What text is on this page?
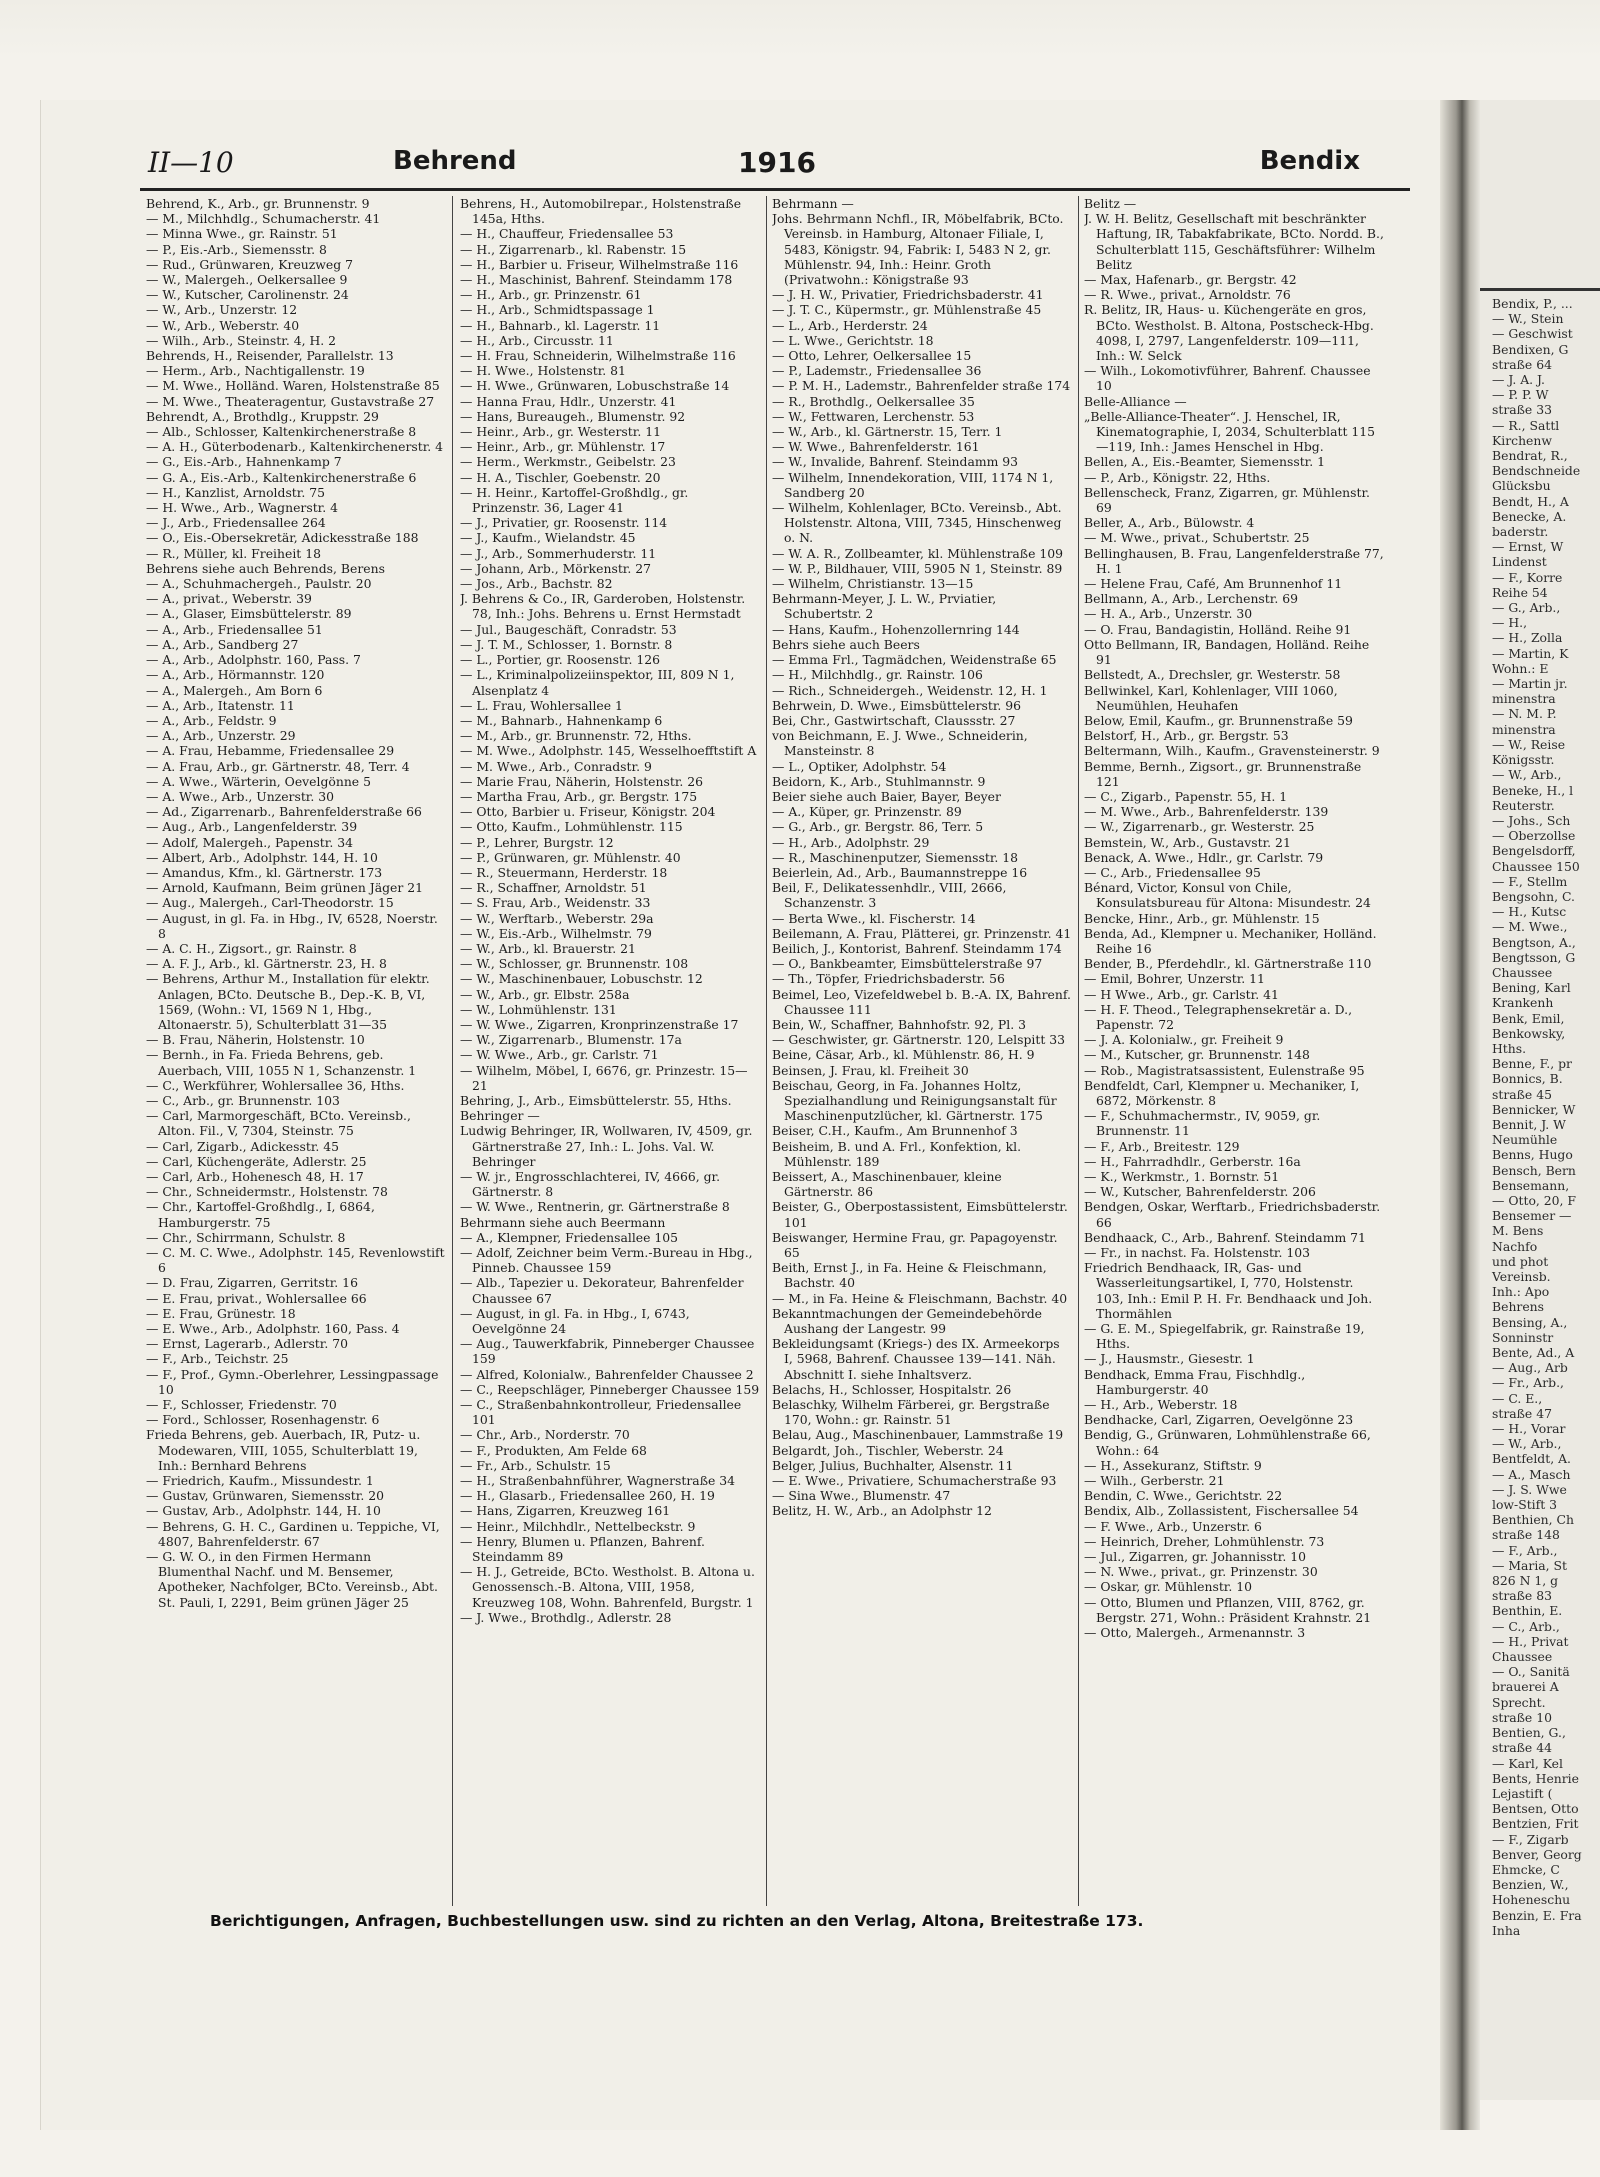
II—10	Behrend	1916	Bendix

Behrend, K., Arb., gr. Brunnenstr. 9

— M., Milchhdlg., Schumacherstr. 41

— Minna Wwe., gr. Rainstr. 51

— P., Eis.-Arb., Siemensstr. 8

— Rud., Grünwaren, Kreuzweg 7

— W., Malergeh., Oelkersallee 9

— W., Kutscher, Carolinenstr. 24

— W., Arb., Unzerstr. 12

— W., Arb., Weberstr. 40

— Wilh., Arb., Steinstr. 4, H. 2

Behrends, H., Reisender, Parallelstr. 13

— Herm., Arb., Nachtigallenstr. 19

— M. Wwe., Holländ. Waren, Holstenstraße 85

— M. Wwe., Theateragentur, Gustavstraße 27

Behrendt, A., Brothdlg., Kruppstr. 29

— Alb., Schlosser, Kaltenkirchenerstraße 8

— A. H., Güterbodenarb., Kaltenkirchenerstr. 4

— G., Eis.-Arb., Hahnenkamp 7

— G. A., Eis.-Arb., Kaltenkirchenerstraße 6

— H., Kanzlist, Arnoldstr. 75

— H. Wwe., Arb., Wagnerstr. 4

— J., Arb., Friedensallee 264

— O., Eis.-Obersekretär, Adickesstraße 188

— R., Müller, kl. Freiheit 18

Behrens siehe auch Behrends, Berens

— A., Schuhmachergeh., Paulstr. 20

— A., privat., Weberstr. 39

— A., Glaser, Eimsbüttelerstr. 89

— A., Arb., Friedensallee 51

— A., Arb., Sandberg 27

— A., Arb., Adolphstr. 160, Pass. 7

— A., Arb., Hörmannstr. 120

— A., Malergeh., Am Born 6

— A., Arb., Itatenstr. 11

— A., Arb., Feldstr. 9

— A., Arb., Unzerstr. 29

— A. Frau, Hebamme, Friedensallee 29

— A. Frau, Arb., gr. Gärtnerstr. 48, Terr. 4

— A. Wwe., Wärterin, Oevelgönne 5

— A. Wwe., Arb., Unzerstr. 30

— Ad., Zigarrenarb., Bahrenfelderstraße 66

— Aug., Arb., Langenfelderstr. 39

— Adolf, Malergeh., Papenstr. 34

— Albert, Arb., Adolphstr. 144, H. 10

— Amandus, Kfm., kl. Gärtnerstr. 173

— Arnold, Kaufmann, Beim grünen Jäger 21

— Aug., Malergeh., Carl-Theodorstr. 15

— August, in gl. Fa. in Hbg., IV, 6528, Noerstr. 8

— A. C. H., Zigsort., gr. Rainstr. 8

— A. F. J., Arb., kl. Gärtnerstr. 23, H. 8

— Behrens, Arthur M., Installation für elektr. Anlagen, BCto. Deutsche B., Dep.-K. B, VI, 1569, (Wohn.: VI, 1569 N 1, Hbg., Altonaerstr. 5), Schulterblatt 31—35

— B. Frau, Näherin, Holstenstr. 10

— Bernh., in Fa. Frieda Behrens, geb. Auerbach, VIII, 1055 N 1, Schanzenstr. 1

— C., Werkführer, Wohlersallee 36, Hths.

— C., Arb., gr. Brunnenstr. 103

— Carl, Marmorgeschäft, BCto. Vereinsb., Alton. Fil., V, 7304, Steinstr. 75

— Carl, Zigarb., Adickesstr. 45

— Carl, Küchengeräte, Adlerstr. 25

— Carl, Arb., Hohenesch 48, H. 17

— Chr., Schneidermstr., Holstenstr. 78

— Chr., Kartoffel-Großhdlg., I, 6864, Hamburgerstr. 75

— Chr., Schirrmann, Schulstr. 8

— C. M. C. Wwe., Adolphstr. 145, Revenlowstift 6

— D. Frau, Zigarren, Gerritstr. 16

— E. Frau, privat., Wohlersallee 66

— E. Frau, Grünestr. 18

— E. Wwe., Arb., Adolphstr. 160, Pass. 4

— Ernst, Lagerarb., Adlerstr. 70

— F., Arb., Teichstr. 25

— F., Prof., Gymn.-Oberlehrer, Lessingpassage 10

— F., Schlosser, Friedenstr. 70

— Ford., Schlosser, Rosenhagenstr. 6

Frieda Behrens, geb. Auerbach, IR, Putz- u. Modewaren, VIII, 1055, Schulterblatt 19, Inh.: Bernhard Behrens

— Friedrich, Kaufm., Missundestr. 1

— Gustav, Grünwaren, Siemensstr. 20

— Gustav, Arb., Adolphstr. 144, H. 10

— Behrens, G. H. C., Gardinen u. Teppiche, VI, 4807, Bahrenfelderstr. 67

— G. W. O., in den Firmen Hermann Blumenthal Nachf. und M. Bensemer, Apotheker, Nachfolger, BCto. Vereinsb., Abt. St. Pauli, I, 2291, Beim grünen Jäger 25

Behrens, H., Automobilrepar., Holstenstraße 145a, Hths.

— H., Chauffeur, Friedensallee 53

— H., Zigarrenarb., kl. Rabenstr. 15

— H., Barbier u. Friseur, Wilhelmstraße 116

— H., Maschinist, Bahrenf. Steindamm 178

— H., Arb., gr. Prinzenstr. 61

— H., Arb., Schmidtspassage 1

— H., Bahnarb., kl. Lagerstr. 11

— H., Arb., Circusstr. 11

— H. Frau, Schneiderin, Wilhelmstraße 116

— H. Wwe., Holstenstr. 81

— H. Wwe., Grünwaren, Lobuschstraße 14

— Hanna Frau, Hdlr., Unzerstr. 41

— Hans, Bureaugeh., Blumenstr. 92

— Heinr., Arb., gr. Westerstr. 11

— Heinr., Arb., gr. Mühlenstr. 17

— Herm., Werkmstr., Geibelstr. 23

— H. A., Tischler, Goebenstr. 20

— H. Heinr., Kartoffel-Großhdlg., gr. Prinzenstr. 36, Lager 41

— J., Privatier, gr. Roosenstr. 114

— J., Kaufm., Wielandstr. 45

— J., Arb., Sommerhuderstr. 11

— Johann, Arb., Mörkenstr. 27

— Jos., Arb., Bachstr. 82

J. Behrens & Co., IR, Garderoben, Holstenstr. 78, Inh.: Johs. Behrens u. Ernst Hermstadt

— Jul., Baugeschäft, Conradstr. 53

— J. T. M., Schlosser, 1. Bornstr. 8

— L., Portier, gr. Roosenstr. 126

— L., Kriminalpolizeiinspektor, III, 809 N 1, Alsenplatz 4

— L. Frau, Wohlersallee 1

— M., Bahnarb., Hahnenkamp 6

— M., Arb., gr. Brunnenstr. 72, Hths.

— M. Wwe., Adolphstr. 145, Wesselhoefftstift A

— M. Wwe., Arb., Conradstr. 9

— Marie Frau, Näherin, Holstenstr. 26

— Martha Frau, Arb., gr. Bergstr. 175

— Otto, Barbier u. Friseur, Königstr. 204

— Otto, Kaufm., Lohmühlenstr. 115

— P., Lehrer, Burgstr. 12

— P., Grünwaren, gr. Mühlenstr. 40

— R., Steuermann, Herderstr. 18

— R., Schaffner, Arnoldstr. 51

— S. Frau, Arb., Weidenstr. 33

— W., Werftarb., Weberstr. 29a

— W., Eis.-Arb., Wilhelmstr. 79

— W., Arb., kl. Brauerstr. 21

— W., Schlosser, gr. Brunnenstr. 108

— W., Maschinenbauer, Lobuschstr. 12

— W., Arb., gr. Elbstr. 258a

— W., Lohmühlenstr. 131

— W. Wwe., Zigarren, Kronprinzenstraße 17

— W., Zigarrenarb., Blumenstr. 17a

— W. Wwe., Arb., gr. Carlstr. 71

— Wilhelm, Möbel, I, 6676, gr. Prinzestr. 15—21

Behring, J., Arb., Eimsbüttelerstr. 55, Hths.

Behringer —

Ludwig Behringer, IR, Wollwaren, IV, 4509, gr. Gärtnerstraße 27, Inh.: L. Johs. Val. W. Behringer

— W. jr., Engrosschlachterei, IV, 4666, gr. Gärtnerstr. 8

— W. Wwe., Rentnerin, gr. Gärtnerstraße 8

Behrmann siehe auch Beermann

— A., Klempner, Friedensallee 105

— Adolf, Zeichner beim Verm.-Bureau in Hbg., Pinneb. Chaussee 159

— Alb., Tapezier u. Dekorateur, Bahrenfelder Chaussee 67

— August, in gl. Fa. in Hbg., I, 6743, Oevelgönne 24

— Aug., Tauwerkfabrik, Pinneberger Chaussee 159

— Alfred, Kolonialw., Bahrenfelder Chaussee 2

— C., Reepschläger, Pinneberger Chaussee 159

— C., Straßenbahnkontrolleur, Friedensallee 101

— Chr., Arb., Norderstr. 70

— F., Produkten, Am Felde 68

— Fr., Arb., Schulstr. 15

— H., Straßenbahnführer, Wagnerstraße 34

— H., Glasarb., Friedensallee 260, H. 19

— Hans, Zigarren, Kreuzweg 161

— Heinr., Milchhdlr., Nettelbeckstr. 9

— Henry, Blumen u. Pflanzen, Bahrenf. Steindamm 89

— H. J., Getreide, BCto. Westholst. B. Altona u. Genossensch.-B. Altona, VIII, 1958, Kreuzweg 108, Wohn. Bahrenfeld, Burgstr. 1

— J. Wwe., Brothdlg., Adlerstr. 28

Behrmann —

Johs. Behrmann Nchfl., IR, Möbelfabrik, BCto. Vereinsb. in Hamburg, Altonaer Filiale, I, 5483, Königstr. 94, Fabrik: I, 5483 N 2, gr. Mühlenstr. 94, Inh.: Heinr. Groth (Privatwohn.: Königstraße 93

— J. H. W., Privatier, Friedrichsbaderstr. 41

— J. T. C., Küpermstr., gr. Mühlenstraße 45

— L., Arb., Herderstr. 24

— L. Wwe., Gerichtstr. 18

— Otto, Lehrer, Oelkersallee 15

— P., Lademstr., Friedensallee 36

— P. M. H., Lademstr., Bahrenfelder straße 174

— R., Brothdlg., Oelkersallee 35

— W., Fettwaren, Lerchenstr. 53

— W., Arb., kl. Gärtnerstr. 15, Terr. 1

— W. Wwe., Bahrenfelderstr. 161

— W., Invalide, Bahrenf. Steindamm 93

— Wilhelm, Innendekoration, VIII, 1174 N 1, Sandberg 20

— Wilhelm, Kohlenlager, BCto. Vereinsb., Abt. Holstenstr. Altona, VIII, 7345, Hinschenweg o. N.

— W. A. R., Zollbeamter, kl. Mühlenstraße 109

— W. P., Bildhauer, VIII, 5905 N 1, Steinstr. 89

— Wilhelm, Christianstr. 13—15

Behrmann-Meyer, J. L. W., Prviatier, Schubertstr. 2

— Hans, Kaufm., Hohenzollernring 144

Behrs siehe auch Beers

— Emma Frl., Tagmädchen, Weidenstraße 65

— H., Milchhdlg., gr. Rainstr. 106

— Rich., Schneidergeh., Weidenstr. 12, H. 1

Behrwein, D. Wwe., Eimsbüttelerstr. 96

Bei, Chr., Gastwirtschaft, Claussstr. 27

von Beichmann, E. J. Wwe., Schneiderin, Mansteinstr. 8

— L., Optiker, Adolphstr. 54

Beidorn, K., Arb., Stuhlmannstr. 9

Beier siehe auch Baier, Bayer, Beyer

— A., Küper, gr. Prinzenstr. 89

— G., Arb., gr. Bergstr. 86, Terr. 5

— H., Arb., Adolphstr. 29

— R., Maschinenputzer, Siemensstr. 18

Beierlein, Ad., Arb., Baumannstreppe 16

Beil, F., Delikatessenhdlr., VIII, 2666, Schanzenstr. 3

— Berta Wwe., kl. Fischerstr. 14

Beilemann, A. Frau, Plätterei, gr. Prinzenstr. 41

Beilich, J., Kontorist, Bahrenf. Steindamm 174

— O., Bankbeamter, Eimsbüttelerstraße 97

— Th., Töpfer, Friedrichsbaderstr. 56

Beimel, Leo, Vizefeldwebel b. B.-A. IX, Bahrenf. Chaussee 111

Bein, W., Schaffner, Bahnhofstr. 92, Pl. 3

— Geschwister, gr. Gärtnerstr. 120, Lelspitt 33

Beine, Cäsar, Arb., kl. Mühlenstr. 86, H. 9

Beinsen, J. Frau, kl. Freiheit 30

Beischau, Georg, in Fa. Johannes Holtz, Spezialhandlung und Reinigungsanstalt für Maschinenputzlücher, kl. Gärtnerstr. 175

Beiser, C.H., Kaufm., Am Brunnenhof 3

Beisheim, B. und A. Frl., Konfektion, kl. Mühlenstr. 189

Beissert, A., Maschinenbauer, kleine Gärtnerstr. 86

Beister, G., Oberpostassistent, Eimsbüttelerstr. 101

Beiswanger, Hermine Frau, gr. Papagoyenstr. 65

Beith, Ernst J., in Fa. Heine & Fleischmann, Bachstr. 40

— M., in Fa. Heine & Fleischmann, Bachstr. 40

Bekanntmachungen der Gemeindebehörde Aushang der Langestr. 99

Bekleidungsamt (Kriegs-) des IX. Armeekorps I, 5968, Bahrenf. Chaussee 139—141. Näh. Abschnitt I. siehe Inhaltsverz.

Belachs, H., Schlosser, Hospitalstr. 26

Belaschky, Wilhelm Färberei, gr. Bergstraße 170, Wohn.: gr. Rainstr. 51

Belau, Aug., Maschinenbauer, Lammstraße 19

Belgardt, Joh., Tischler, Weberstr. 24

Belger, Julius, Buchhalter, Alsenstr. 11

— E. Wwe., Privatiere, Schumacherstraße 93

— Sina Wwe., Blumenstr. 47

Belitz, H. W., Arb., an Adolphstr 12

Belitz —

J. W. H. Belitz, Gesellschaft mit beschränkter Haftung, IR, Tabakfabrikate, BCto. Nordd. B., Schulterblatt 115, Geschäftsführer: Wilhelm Belitz

— Max, Hafenarb., gr. Bergstr. 42

— R. Wwe., privat., Arnoldstr. 76

R. Belitz, IR, Haus- u. Küchengeräte en gros, BCto. Westholst. B. Altona, Postscheck-Hbg. 4098, I, 2797, Langenfelderstr. 109—111, Inh.: W. Selck

— Wilh., Lokomotivführer, Bahrenf. Chaussee 10

Belle-Alliance —

„Belle-Alliance-Theater“. J. Henschel, IR, Kinematographie, I, 2034, Schulterblatt 115—119, Inh.: James Henschel in Hbg.

Bellen, A., Eis.-Beamter, Siemensstr. 1

— P., Arb., Königstr. 22, Hths.

Bellenscheck, Franz, Zigarren, gr. Mühlenstr. 69

Beller, A., Arb., Bülowstr. 4

— M. Wwe., privat., Schubertstr. 25

Bellinghausen, B. Frau, Langenfelderstraße 77, H. 1

— Helene Frau, Café, Am Brunnenhof 11

Bellmann, A., Arb., Lerchenstr. 69

— H. A., Arb., Unzerstr. 30

— O. Frau, Bandagistin, Holländ. Reihe 91

Otto Bellmann, IR, Bandagen, Holländ. Reihe 91

Bellstedt, A., Drechsler, gr. Westerstr. 58

Bellwinkel, Karl, Kohlenlager, VIII 1060, Neumühlen, Heuhafen

Below, Emil, Kaufm., gr. Brunnenstraße 59

Belstorf, H., Arb., gr. Bergstr. 53

Beltermann, Wilh., Kaufm., Gravensteinerstr. 9

Bemme, Bernh., Zigsort., gr. Brunnenstraße 121

— C., Zigarb., Papenstr. 55, H. 1

— M. Wwe., Arb., Bahrenfelderstr. 139

— W., Zigarrenarb., gr. Westerstr. 25

Bemstein, W., Arb., Gustavstr. 21

Benack, A. Wwe., Hdlr., gr. Carlstr. 79

— C., Arb., Friedensallee 95

Bénard, Victor, Konsul von Chile, Konsulatsbureau für Altona: Misundestr. 24

Bencke, Hinr., Arb., gr. Mühlenstr. 15

Benda, Ad., Klempner u. Mechaniker, Holländ. Reihe 16

Bender, B., Pferdehdlr., kl. Gärtnerstraße 110

— Emil, Bohrer, Unzerstr. 11

— H Wwe., Arb., gr. Carlstr. 41

— H. F. Theod., Telegraphensekretär a. D., Papenstr. 72

— J. A. Kolonialw., gr. Freiheit 9

— M., Kutscher, gr. Brunnenstr. 148

— Rob., Magistratsassistent, Eulenstraße 95

Bendfeldt, Carl, Klempner u. Mechaniker, I, 6872, Mörkenstr. 8

— F., Schuhmachermstr., IV, 9059, gr. Brunnenstr. 11

— F., Arb., Breitestr. 129

— H., Fahrradhdlr., Gerberstr. 16a

— K., Werkmstr., 1. Bornstr. 51

— W., Kutscher, Bahrenfelderstr. 206

Bendgen, Oskar, Werftarb., Friedrichsbaderstr. 66

Bendhaack, C., Arb., Bahrenf. Steindamm 71

— Fr., in nachst. Fa. Holstenstr. 103

Friedrich Bendhaack, IR, Gas- und Wasserleitungsartikel, I, 770, Holstenstr. 103, Inh.: Emil P. H. Fr. Bendhaack und Joh. Thormählen

— G. E. M., Spiegelfabrik, gr. Rainstraße 19, Hths.

— J., Hausmstr., Giesestr. 1

Bendhack, Emma Frau, Fischhdlg., Hamburgerstr. 40

— H., Arb., Weberstr. 18

Bendhacke, Carl, Zigarren, Oevelgönne 23

Bendig, G., Grünwaren, Lohmühlenstraße 66, Wohn.: 64

— H., Assekuranz, Stiftstr. 9

— Wilh., Gerberstr. 21

Bendin, C. Wwe., Gerichtstr. 22

Bendix, Alb., Zollassistent, Fischersallee 54

— F. Wwe., Arb., Unzerstr. 6

— Heinrich, Dreher, Lohmühlenstr. 73

— Jul., Zigarren, gr. Johannisstr. 10

— N. Wwe., privat., gr. Prinzenstr. 30

— Oskar, gr. Mühlenstr. 10

— Otto, Blumen und Pflanzen, VIII, 8762, gr. Bergstr. 271, Wohn.: Präsident Krahnstr. 21

— Otto, Malergeh., Armenannstr. 3

Berichtigungen, Anfragen, Buchbestellungen usw. sind zu richten an den Verlag, Altona, Breitestraße 173.

Bendix, P., ...

— W., Stein

— Geschwist

Bendixen, G

straße 64

— J. A. J.

— P. P. W

straße 33

— R., Sattl

Kirchenw

Bendrat, R.,

Bendschneide

Glücksbu

Bendt, H., A

Benecke, A.

baderstr.

— Ernst, W

Lindenst

— F., Korre

Reihe 54

— G., Arb.,

— H.,

— H., Zolla

— Martin, K

Wohn.: E

— Martin jr.

minenstra

— N. M. P.

minenstra

— W., Reise

Königsstr.

— W., Arb.,

Beneke, H., l

Reuterstr.

— Johs., Sch

— Oberzollse

Bengelsdorff,

Chaussee 150

— F., Stellm

Bengsohn, C.

— H., Kutsc

— M. Wwe.,

Bengtson, A.,

Bengtsson, G

Chaussee

Bening, Karl

Krankenh

Benk, Emil,

Benkowsky,

Hths.

Benne, F., pr

Bonnics, B.

straße 45

Bennicker, W

Bennit, J. W

Neumühle

Benns, Hugo

Bensch, Bern

Bensemann,

— Otto, 20, F

Bensemer —

M. Bens

Nachfo

und phot

Vereinsb.

Inh.: Apo

Behrens

Bensing, A.,

Sonninstr

Bente, Ad., A

— Aug., Arb

— Fr., Arb.,

— C. E.,

straße 47

— H., Vorar

— W., Arb.,

Bentfeldt, A.

— A., Masch

— J. S. Wwe

low-Stift 3

Benthien, Ch

straße 148

— F., Arb.,

— Maria, St

826 N 1, g

straße 83

Benthin, E.

— C., Arb.,

— H., Privat

Chaussee

— O., Sanitä

brauerei A

Sprecht.

straße 10

Bentien, G.,

straße 44

— Karl, Kel

Bents, Henrie

Lejastift (

Bentsen, Otto

Bentzien, Frit

— F., Zigarb

Benver, Georg

Ehmcke, C

Benzien, W.,

Hoheneschu

Benzin, E. Fra

Inha
